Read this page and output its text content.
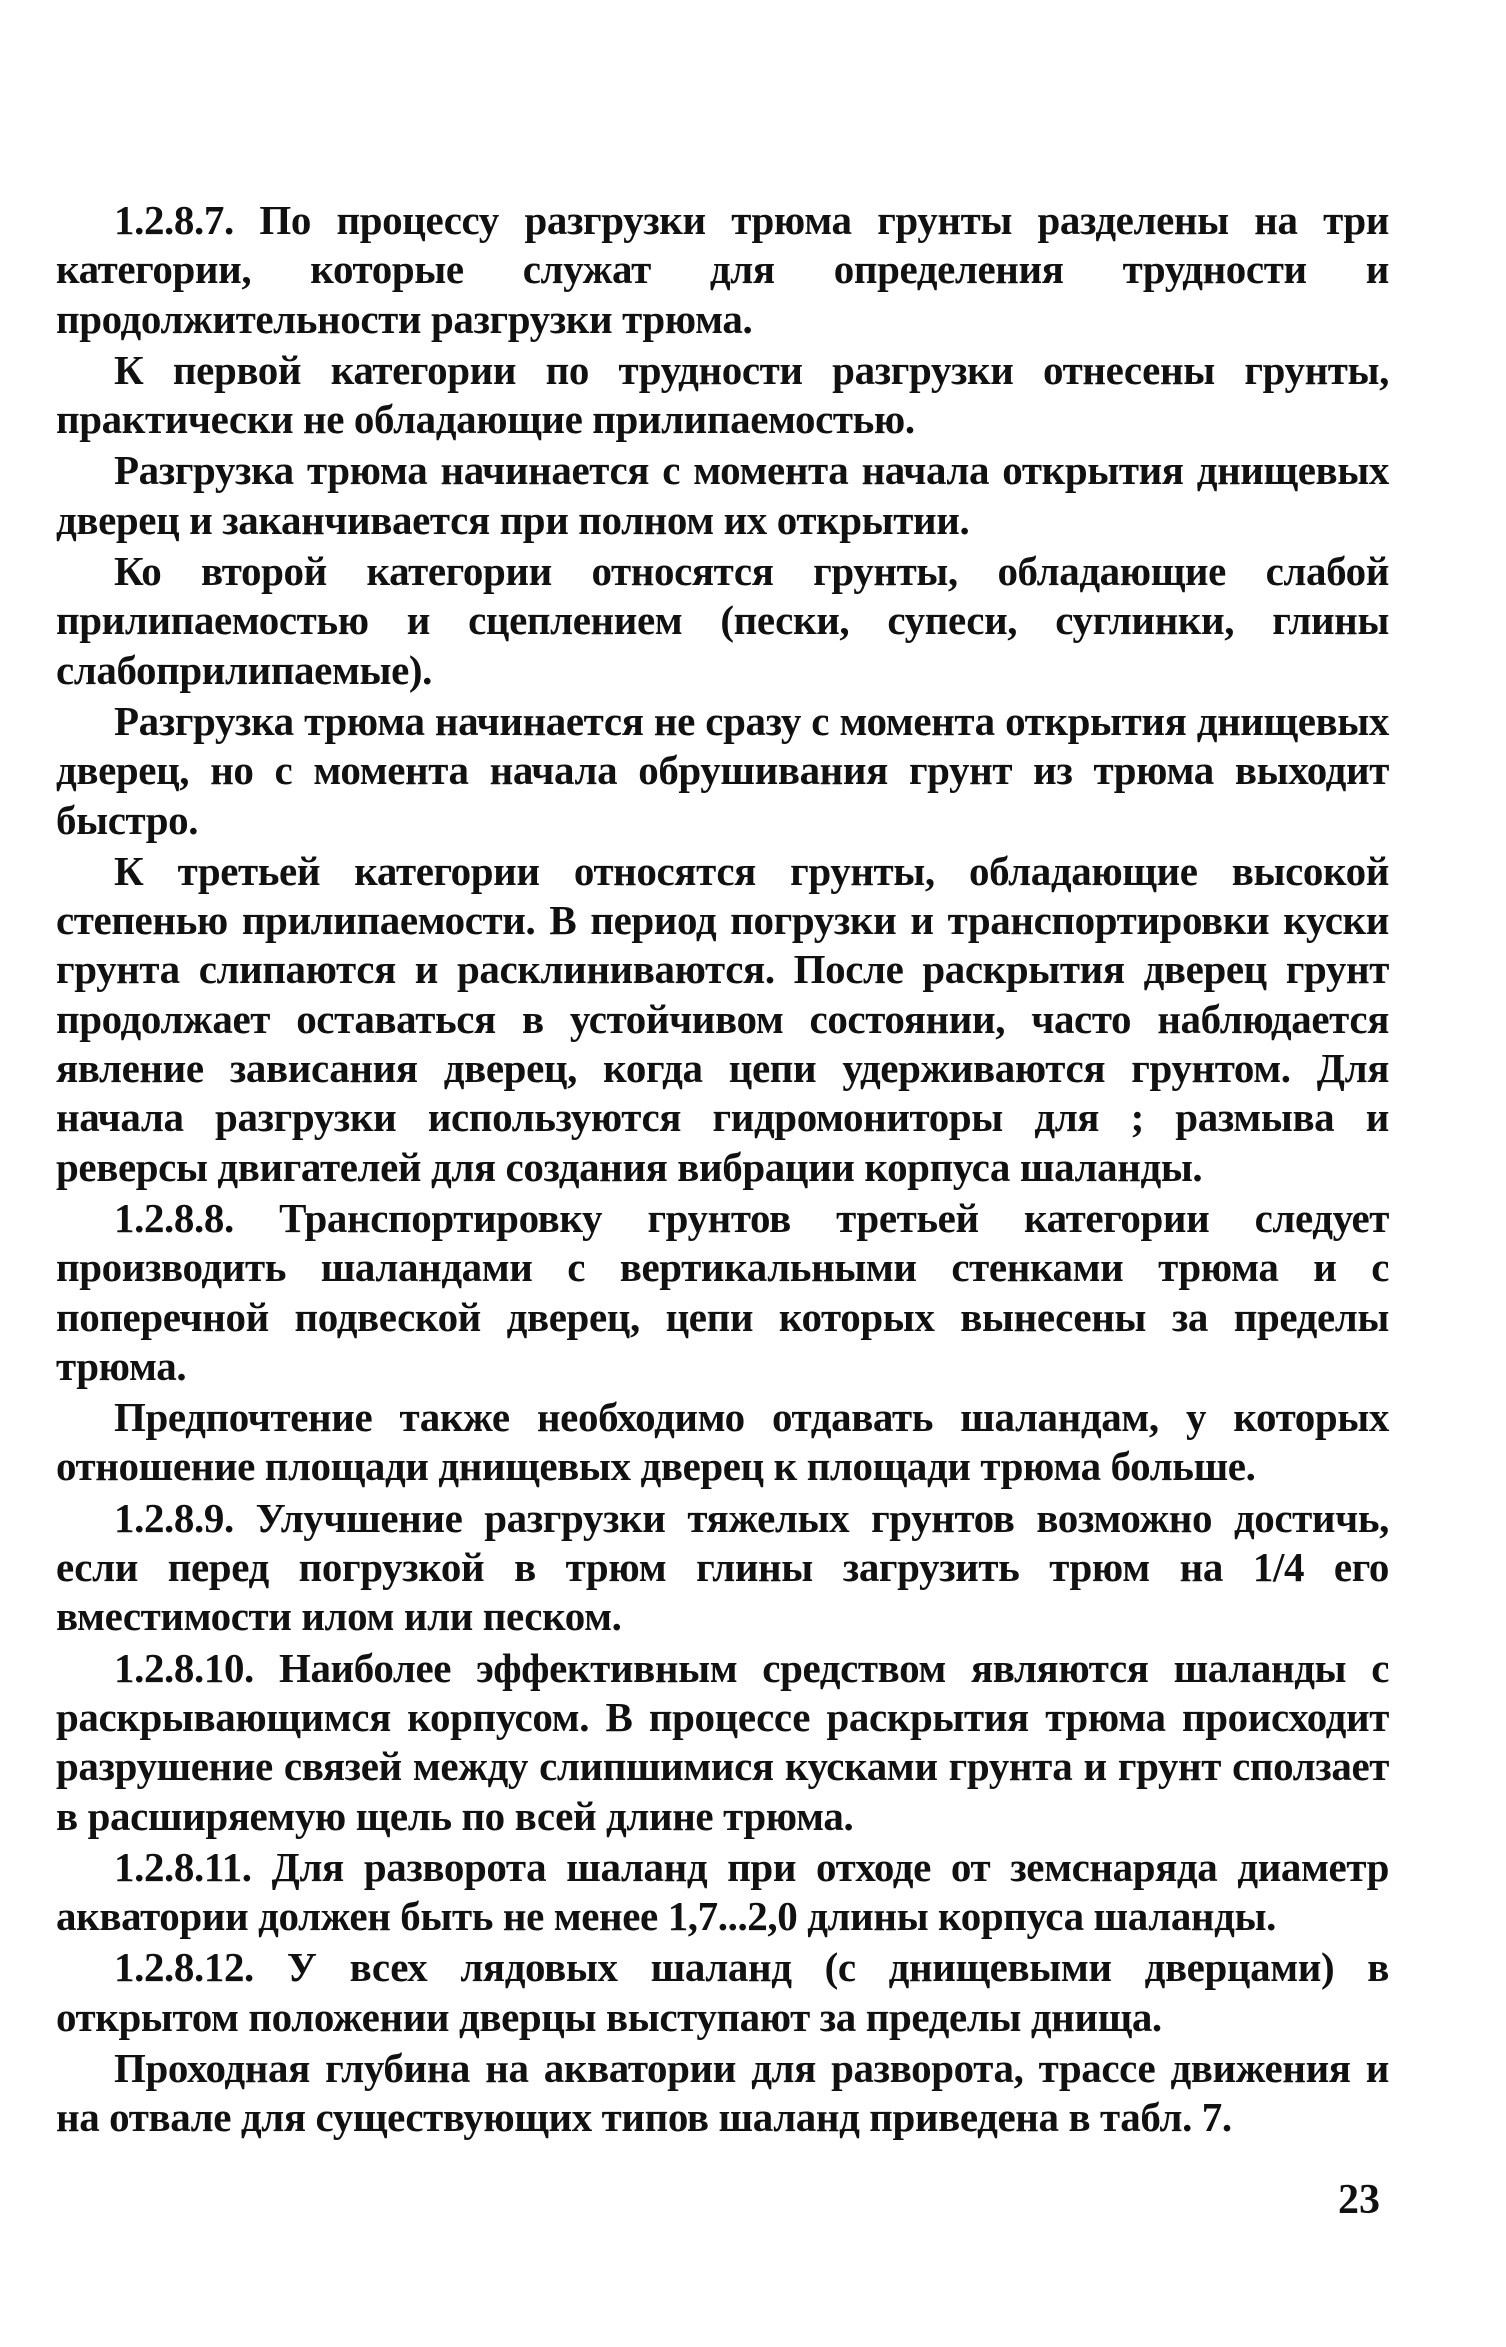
1.2.8.7. По процессу разгрузки трюма грунты разделены на три категории, которые служат для определения трудности и продолжительности разгрузки трюма.

К первой категории по трудности разгрузки отнесены грунты, практически не обладающие прилипаемостью.

Разгрузка трюма начинается с момента начала открытия днищевых дверец и заканчивается при полном их открытии.

Ко второй категории относятся грунты, обладающие слабой прилипаемостью и сцеплением (пески, супеси, суглинки, глины слабоприлипаемые).

Разгрузка трюма начинается не сразу с момента открытия днищевых дверец, но с момента начала обрушивания грунт из трюма выходит быстро.

К третьей категории относятся грунты, обладающие высокой степенью прилипаемости. В период погрузки и транспортировки куски грунта слипаются и расклиниваются. После раскрытия дверец грунт продолжает оставаться в устойчивом состоянии, часто наблюдается явление зависания дверец, когда цепи удерживаются грунтом. Для начала разгрузки используются гидромониторы для ; размыва и реверсы двигателей для создания вибрации корпуса шаланды.

1.2.8.8. Транспортировку грунтов третьей категории следует производить шаландами с вертикальными стенками трюма и с поперечной подвеской дверец, цепи которых вынесены за пределы трюма.

Предпочтение также необходимо отдавать шаландам, у которых отношение площади днищевых дверец к площади трюма больше.

1.2.8.9. Улучшение разгрузки тяжелых грунтов возможно достичь, если перед погрузкой в трюм глины загрузить трюм на 1/4 его вместимости илом или песком.

1.2.8.10. Наиболее эффективным средством являются шаланды с раскрывающимся корпусом. В процессе раскрытия трюма происходит разрушение связей между слипшимися кусками грунта и грунт сползает в расширяемую щель по всей длине трюма.

1.2.8.11. Для разворота шаланд при отходе от земснаряда диаметр акватории должен быть не менее 1,7...2,0 длины корпуса шаланды.

1.2.8.12. У всех лядовых шаланд (с днищевыми дверцами) в открытом положении дверцы выступают за пределы днища.

Проходная глубина на акватории для разворота, трассе движения и на отвале для существующих типов шаланд приведена в табл. 7.

23
